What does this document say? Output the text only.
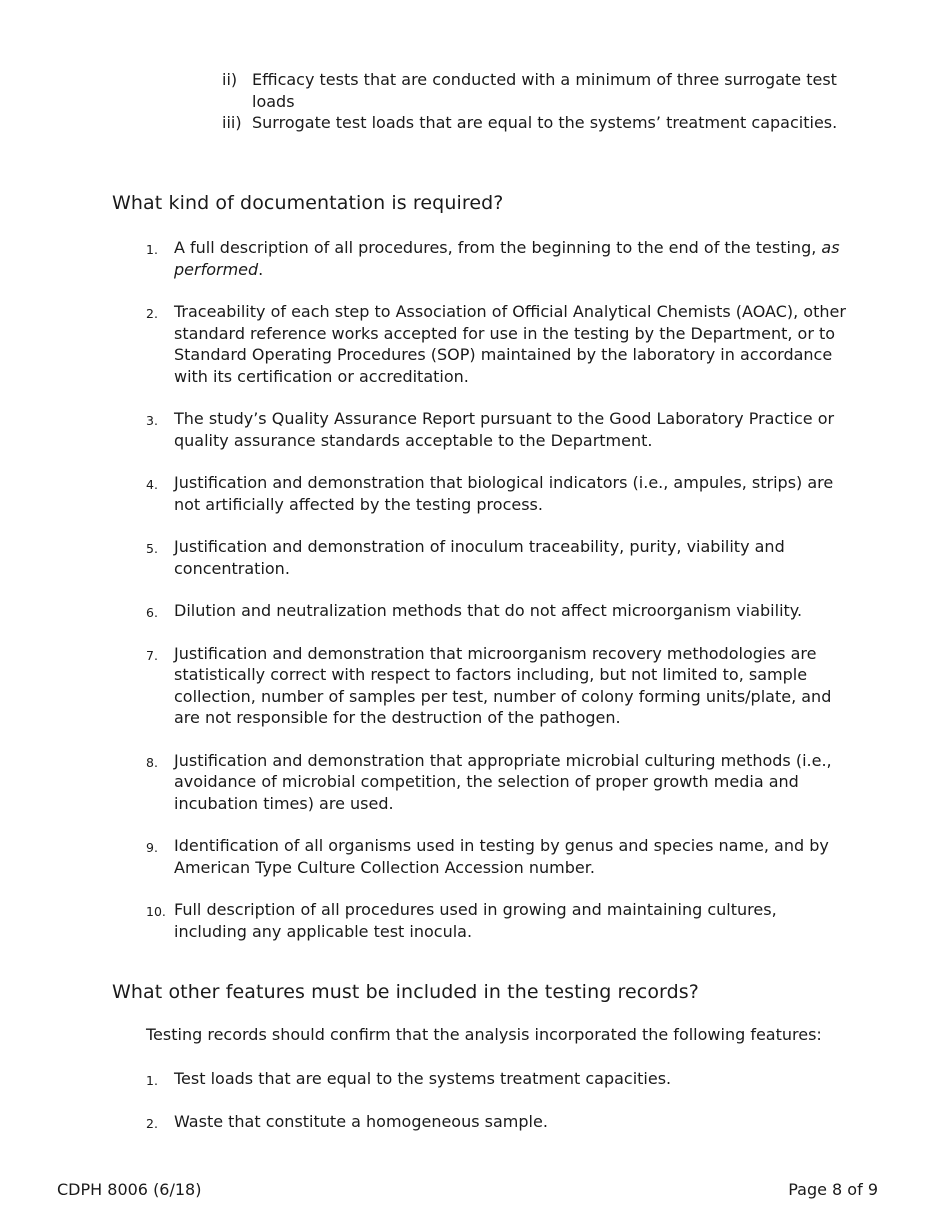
ii) Efficacy tests that are conducted with a minimum of three surrogate test loads
iii) Surrogate test loads that are equal to the systems’ treatment capacities.
What kind of documentation is required?
1. A full description of all procedures, from the beginning to the end of the testing, as performed.
2. Traceability of each step to Association of Official Analytical Chemists (AOAC), other standard reference works accepted for use in the testing by the Department, or to Standard Operating Procedures (SOP) maintained by the laboratory in accordance with its certification or accreditation.
3. The study’s Quality Assurance Report pursuant to the Good Laboratory Practice or quality assurance standards acceptable to the Department.
4. Justification and demonstration that biological indicators (i.e., ampules, strips) are not artificially affected by the testing process.
5. Justification and demonstration of inoculum traceability, purity, viability and concentration.
6. Dilution and neutralization methods that do not affect microorganism viability.
7. Justification and demonstration that microorganism recovery methodologies are statistically correct with respect to factors including, but not limited to, sample collection, number of samples per test, number of colony forming units/plate, and are not responsible for the destruction of the pathogen.
8. Justification and demonstration that appropriate microbial culturing methods (i.e., avoidance of microbial competition, the selection of proper growth media and incubation times) are used.
9. Identification of all organisms used in testing by genus and species name, and by American Type Culture Collection Accession number.
10. Full description of all procedures used in growing and maintaining cultures, including any applicable test inocula.
What other features must be included in the testing records?

Testing records should confirm that the analysis incorporated the following features:

1. Test loads that are equal to the systems treatment capacities.
2. Waste that constitute a homogeneous sample.
CDPH 8006 (6/18)	Page 8 of 9
